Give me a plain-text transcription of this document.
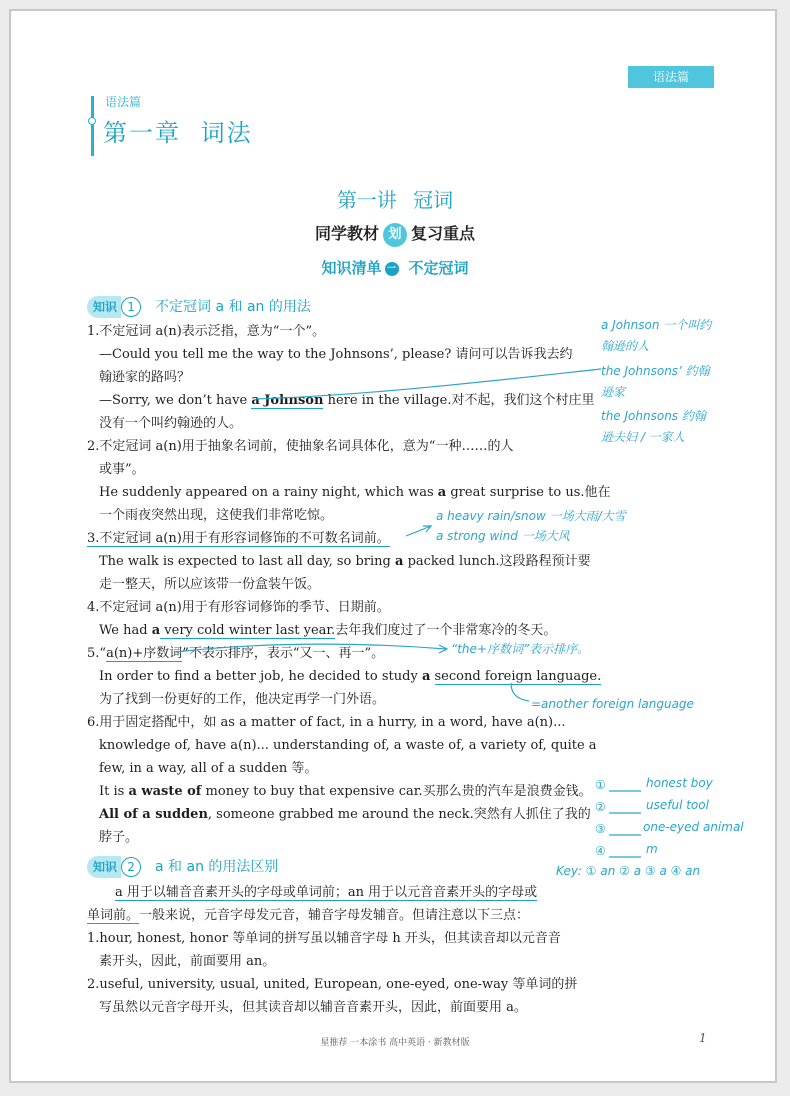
语法篇
语法篇
第一章 词法
第一讲 冠词
同学教材 划 复习重点
知识清单 一 不定冠词
知识 1 不定冠词 a 和 an 的用法
1.不定冠词 a(n)表示泛指，意为“一个”。
—Could you tell me the way to the Johnsons’, please? 请问可以告诉我去约
翰逊家的路吗？
—Sorry, we don’t have a Johnson here in the village.对不起，我们这个村庄里
没有一个叫约翰逊的人。
2.不定冠词 a(n)用于抽象名词前，使抽象名词具体化，意为“一种……的人
或事”。
He suddenly appeared on a rainy night, which was a great surprise to us.他在
一个雨夜突然出现，这使我们非常吃惊。
3.不定冠词 a(n)用于有形容词修饰的不可数名词前。
The walk is expected to last all day, so bring a packed lunch.这段路程预计要
走一整天，所以应该带一份盒装午饭。
4.不定冠词 a(n)用于有形容词修饰的季节、日期前。
We had a very cold winter last year.去年我们度过了一个非常寒冷的冬天。
5.“a(n)+序数词”不表示排序，表示“又一、再一”。
In order to find a better job, he decided to study a second foreign language.
为了找到一份更好的工作，他决定再学一门外语。
6.用于固定搭配中，如 as a matter of fact, in a hurry, in a word, have a(n)...
knowledge of, have a(n)... understanding of, a waste of, a variety of, quite a
few, in a way, all of a sudden 等。
It is a waste of money to buy that expensive car.买那么贵的汽车是浪费金钱。
All of a sudden, someone grabbed me around the neck.突然有人抓住了我的
脖子。
知识 2 a 和 an 的用法区别
a 用于以辅音音素开头的字母或单词前；an 用于以元音音素开头的字母或
单词前。一般来说，元音字母发元音，辅音字母发辅音。但请注意以下三点：
1.hour, honest, honor 等单词的拼写虽以辅音字母 h 开头，但其读音却以元音音
素开头，因此，前面要用 an。
2.useful, university, usual, united, European, one-eyed, one-way 等单词的拼
写虽然以元音字母开头，但其读音却以辅音音素开头，因此，前面要用 a。
a Johnson 一个叫约
翰逊的人
the Johnsons’ 约翰
逊家
the Johnsons 约翰
逊夫妇 / 一家人
a heavy rain/snow 一场大雨/大雪
a strong wind 一场大风
“the+序数词”表示排序。
=another foreign language
①	honest boy
②	useful tool
③	one-eyed animal
④	m
Key: ① an ② a ③ a ④ an
星推荐 一本涂书 高中英语 · 新教材版	1
